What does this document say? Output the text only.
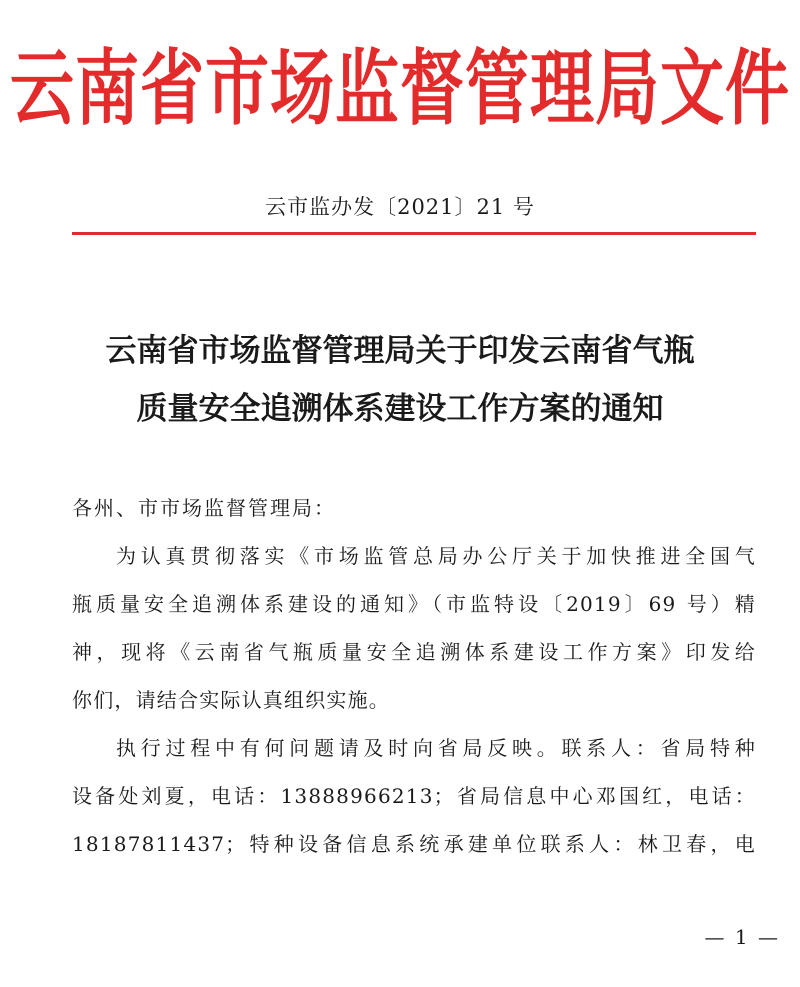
云南省市场监督管理局文件
云市监办发〔2021〕21 号
云南省市场监督管理局关于印发云南省气瓶
质量安全追溯体系建设工作方案的通知
各州、市市场监督管理局：
为认真贯彻落实《市场监管总局办公厅关于加快推进全国气
瓶质量安全追溯体系建设的通知》（市监特设〔2019〕69 号）精
神，现将《云南省气瓶质量安全追溯体系建设工作方案》印发给
你们，请结合实际认真组织实施。
执行过程中有何问题请及时向省局反映。联系人：省局特种
设备处刘夏，电话：13888966213；省局信息中心邓国红，电话：
18187811437；特种设备信息系统承建单位联系人：林卫春，电
— 1 —
